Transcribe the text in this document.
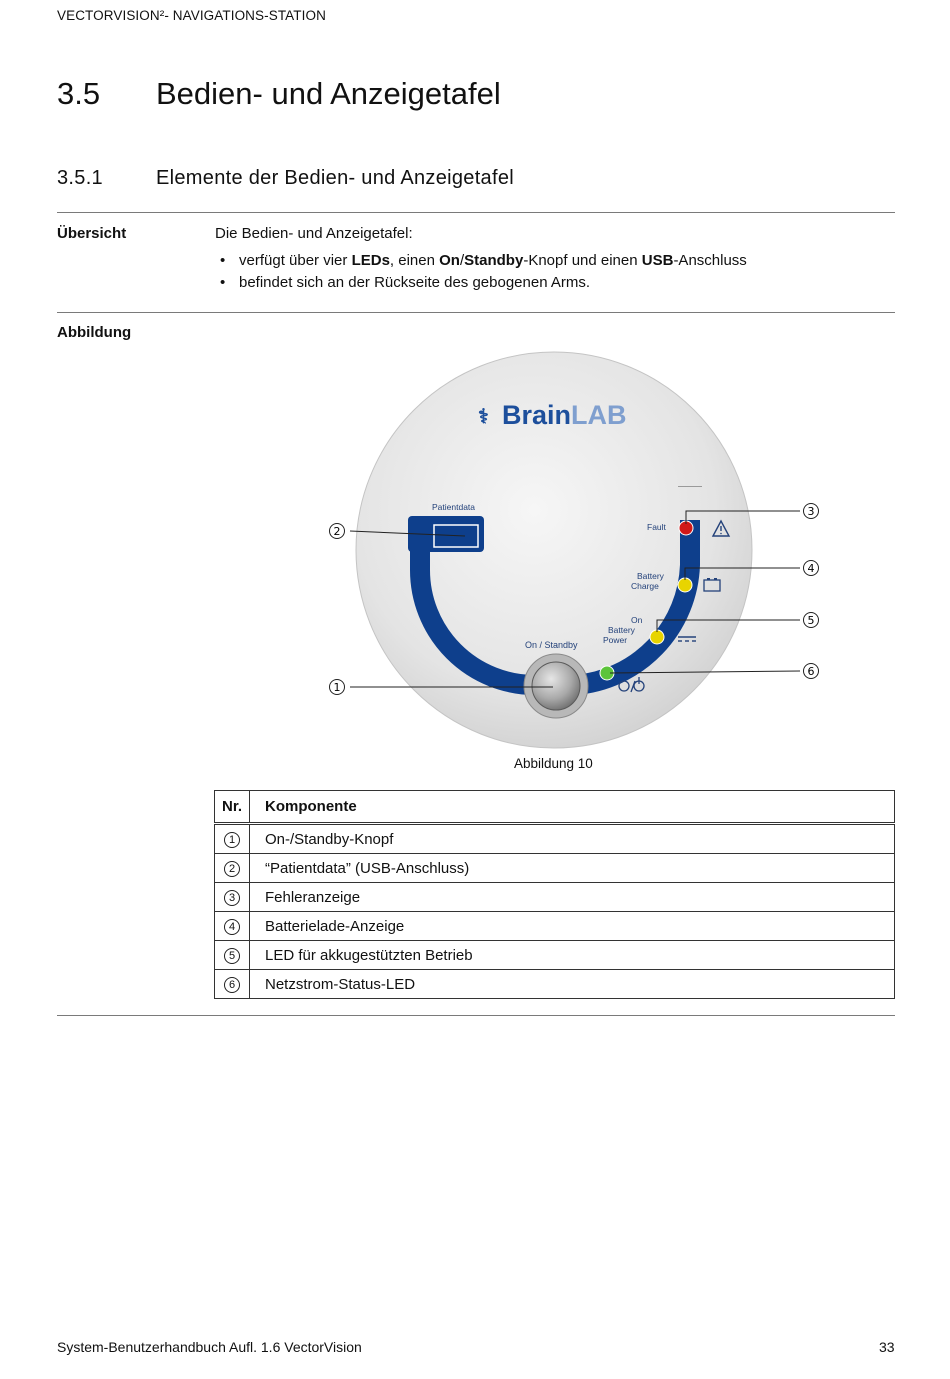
VECTORVISION²- NAVIGATIONS-STATION
3.5 Bedien- und Anzeigetafel
3.5.1	Elemente der Bedien- und Anzeigetafel
Übersicht	Die Bedien- und Anzeigetafel:
• verfügt über vier LEDs, einen On/Standby-Knopf und einen USB-Anschluss
• befindet sich an der Rückseite des gebogenen Arms.
Abbildung
⚕ BrainLAB
Patientdata
Fault
Battery
Charge
On
Battery
Power
On / Standby
2
1
3
4
5
6
Abbildung 10
Nr.	Komponente
1	On-/Standby-Knopf
2	“Patientdata” (USB-Anschluss)
3	Fehleranzeige
4	Batterielade-Anzeige
5	LED für akkugestützten Betrieb
6	Netzstrom-Status-LED
System-Benutzerhandbuch Aufl. 1.6 VectorVision	33
